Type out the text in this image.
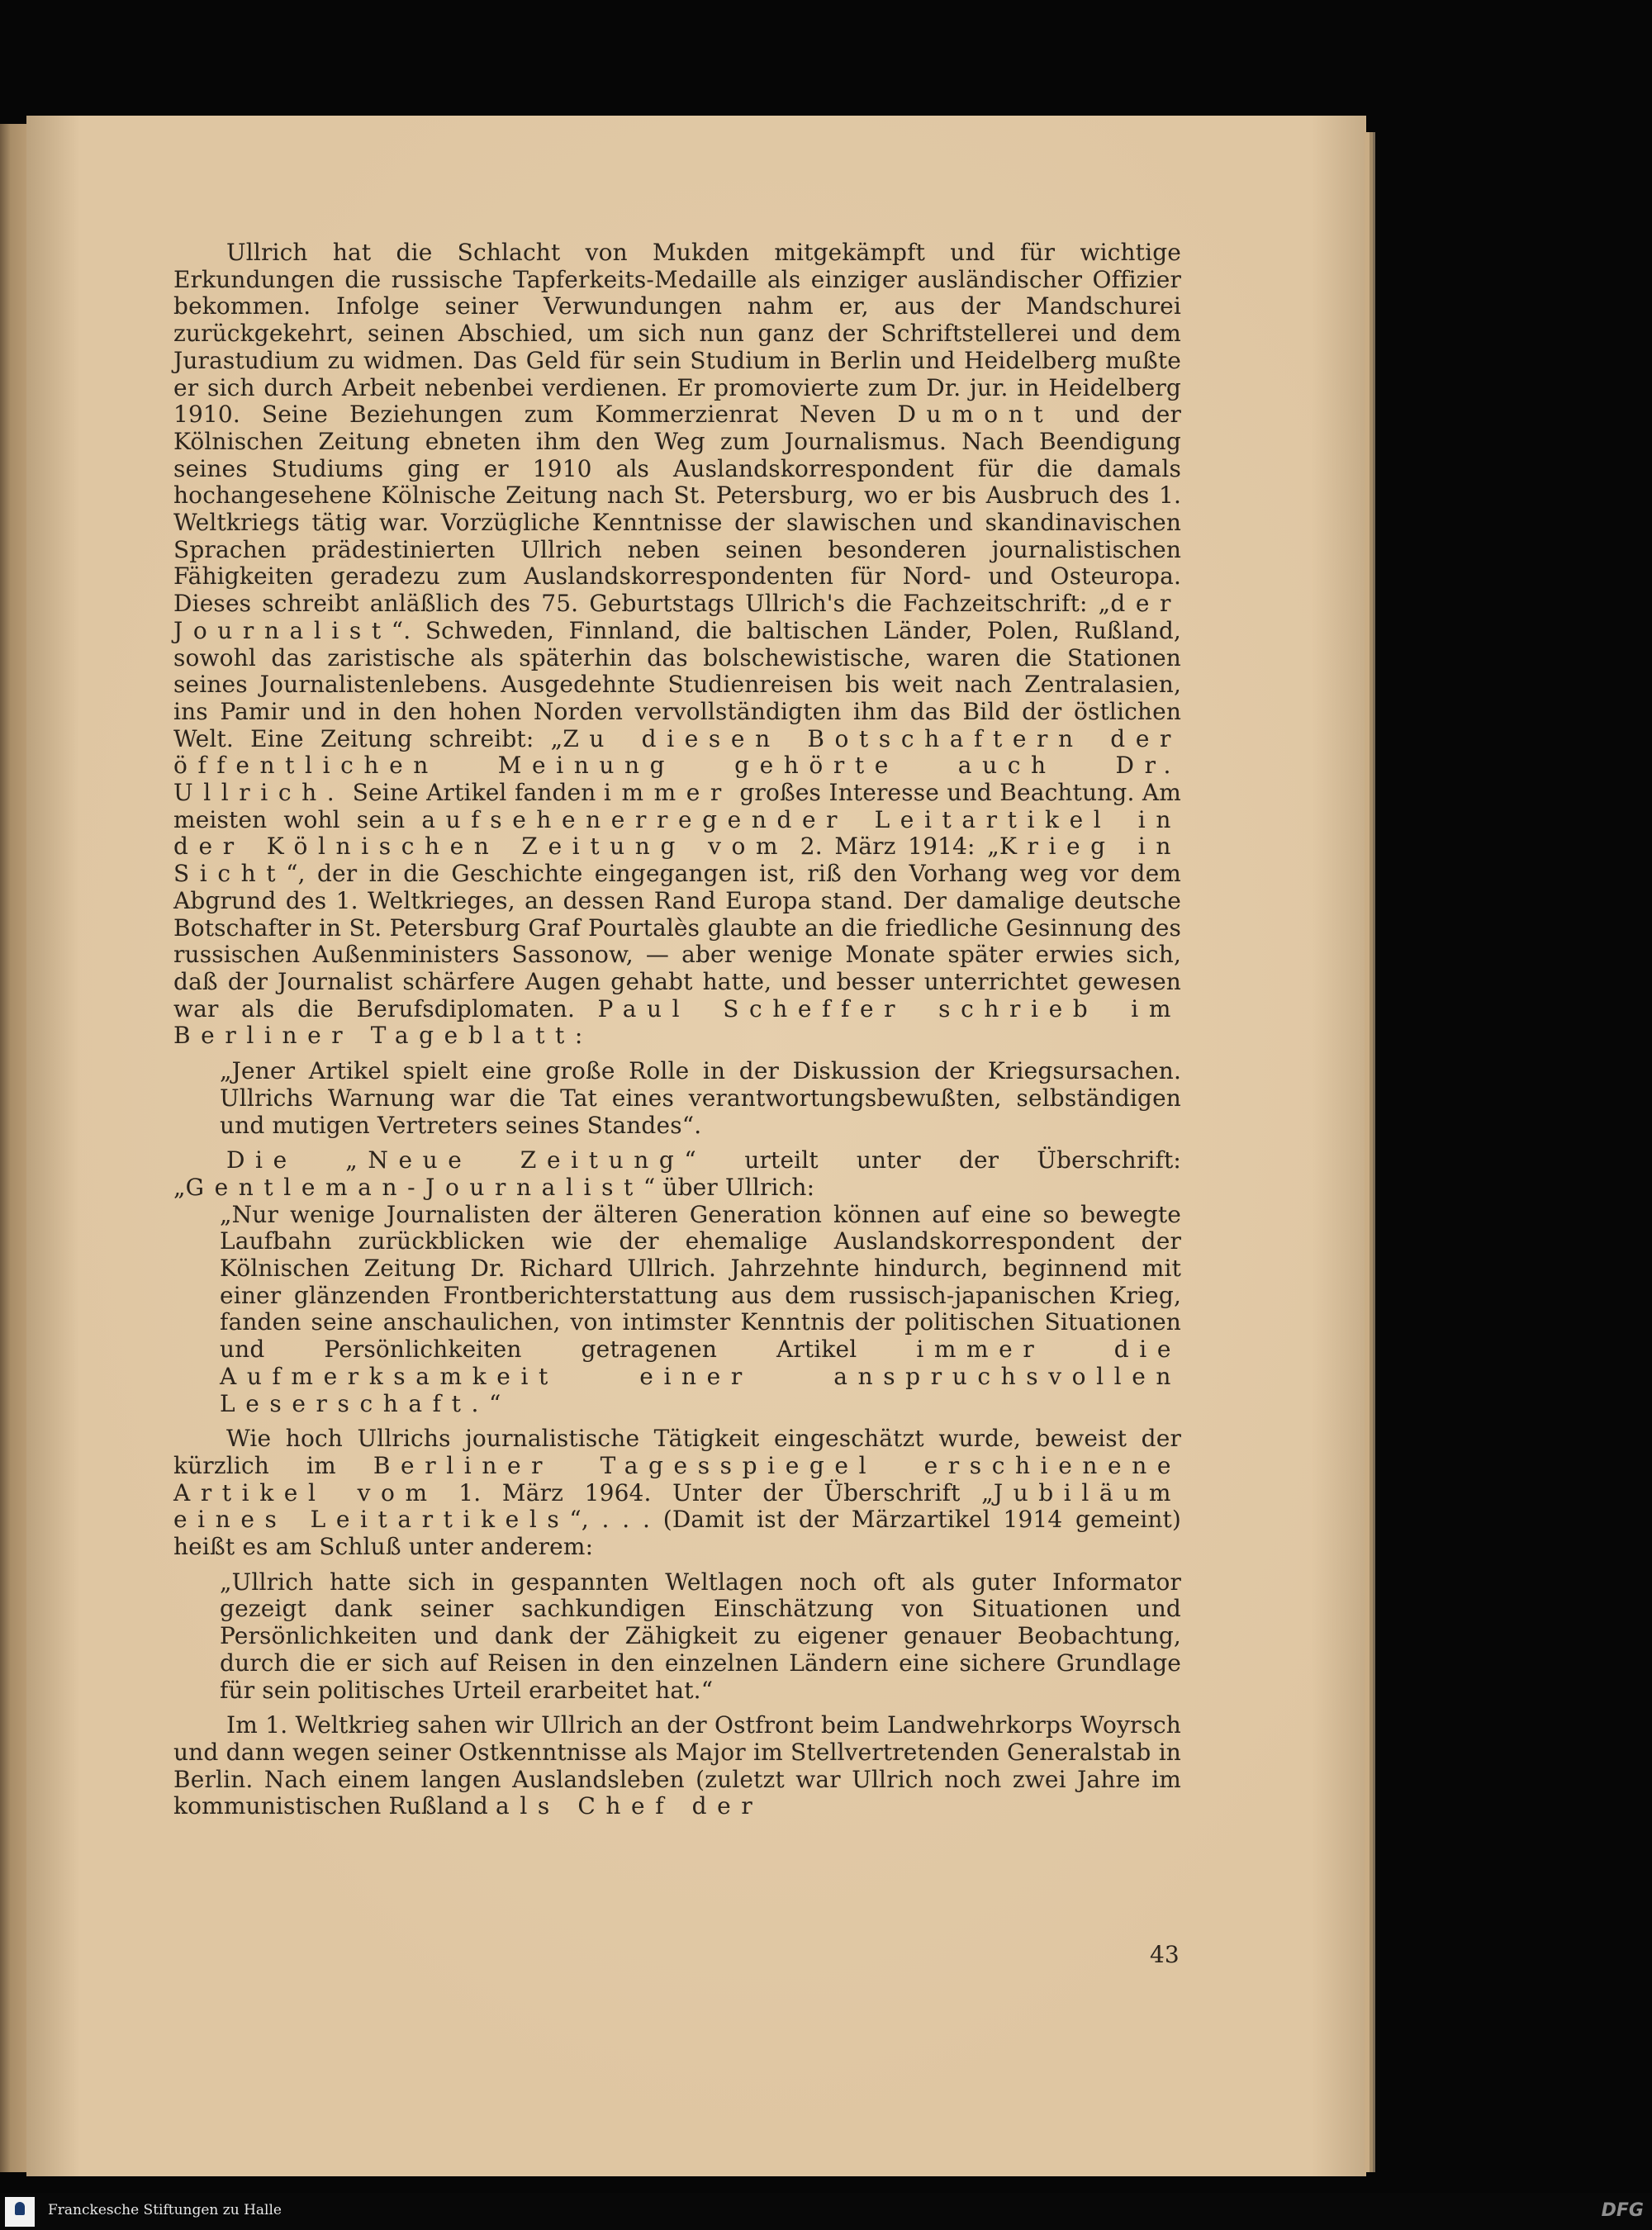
Ullrich hat die Schlacht von Mukden mitgekämpft und für wichtige Erkundungen die russische Tapferkeits-Medaille als einziger ausländischer Offizier bekommen. Infolge seiner Verwundungen nahm er, aus der Mandschurei zurückgekehrt, seinen Abschied, um sich nun ganz der Schriftstellerei und dem Jurastudium zu widmen. Das Geld für sein Studium in Berlin und Heidelberg mußte er sich durch Arbeit nebenbei verdienen. Er promovierte zum Dr. jur. in Heidelberg 1910. Seine Beziehungen zum Kommerzienrat Neven Dumont und der Kölnischen Zeitung ebneten ihm den Weg zum Journalismus. Nach Beendigung seines Studiums ging er 1910 als Auslandskorrespondent für die damals hochangesehene Kölnische Zeitung nach St. Petersburg, wo er bis Ausbruch des 1. Weltkriegs tätig war. Vorzügliche Kenntnisse der slawischen und skandinavischen Sprachen prädestinierten Ullrich neben seinen besonderen journalistischen Fähigkeiten geradezu zum Auslandskorrespondenten für Nord- und Osteuropa. Dieses schreibt anläßlich des 75. Geburtstags Ullrich's die Fachzeitschrift: „der Journalist“. Schweden, Finnland, die baltischen Länder, Polen, Rußland, sowohl das zaristische als späterhin das bolschewistische, waren die Stationen seines Journalistenlebens. Ausgedehnte Studienreisen bis weit nach Zentralasien, ins Pamir und in den hohen Norden vervollständigten ihm das Bild der östlichen Welt. Eine Zeitung schreibt: „Zu diesen Botschaftern der öffentlichen Meinung gehörte auch Dr. Ullrich. Seine Artikel fanden immer großes Interesse und Beachtung. Am meisten wohl sein aufsehenerregender Leitartikel in der Kölnischen Zeitung vom 2. März 1914: „Krieg in Sicht“, der in die Geschichte eingegangen ist, riß den Vorhang weg vor dem Abgrund des 1. Weltkrieges, an dessen Rand Europa stand. Der damalige deutsche Botschafter in St. Petersburg Graf Pourtalès glaubte an die friedliche Gesinnung des russischen Außenministers Sassonow, — aber wenige Monate später erwies sich, daß der Journalist schärfere Augen gehabt hatte, und besser unterrichtet gewesen war als die Berufsdiplomaten. Paul Scheffer schrieb im Berliner Tageblatt:

„Jener Artikel spielt eine große Rolle in der Diskussion der Kriegsursachen. Ullrichs Warnung war die Tat eines verantwortungsbewußten, selbständigen und mutigen Vertreters seines Standes“.

Die „Neue Zeitung“ urteilt unter der Überschrift: „Gentleman-Journalist“ über Ullrich:

„Nur wenige Journalisten der älteren Generation können auf eine so bewegte Laufbahn zurückblicken wie der ehemalige Auslandskorrespondent der Kölnischen Zeitung Dr. Richard Ullrich. Jahrzehnte hindurch, beginnend mit einer glänzenden Frontberichterstattung aus dem russisch-japanischen Krieg, fanden seine anschaulichen, von intimster Kenntnis der politischen Situationen und Persönlichkeiten getragenen Artikel immer die Aufmerksamkeit einer anspruchsvollen Leserschaft.“

Wie hoch Ullrichs journalistische Tätigkeit eingeschätzt wurde, beweist der kürzlich im Berliner Tagesspiegel erschienene Artikel vom 1. März 1964. Unter der Überschrift „Jubiläum eines Leitartikels“, . . . (Damit ist der Märzartikel 1914 gemeint) heißt es am Schluß unter anderem:

„Ullrich hatte sich in gespannten Weltlagen noch oft als guter Informator gezeigt dank seiner sachkundigen Einschätzung von Situationen und Persönlichkeiten und dank der Zähigkeit zu eigener genauer Beobachtung, durch die er sich auf Reisen in den einzelnen Ländern eine sichere Grundlage für sein politisches Urteil erarbeitet hat.“

Im 1. Weltkrieg sahen wir Ullrich an der Ostfront beim Landwehrkorps Woyrsch und dann wegen seiner Ostkenntnisse als Major im Stellvertretenden Generalstab in Berlin. Nach einem langen Auslandsleben (zuletzt war Ullrich noch zwei Jahre im kommunistischen Rußland als Chef der

43
Franckesche Stiftungen zu Halle	DFG
